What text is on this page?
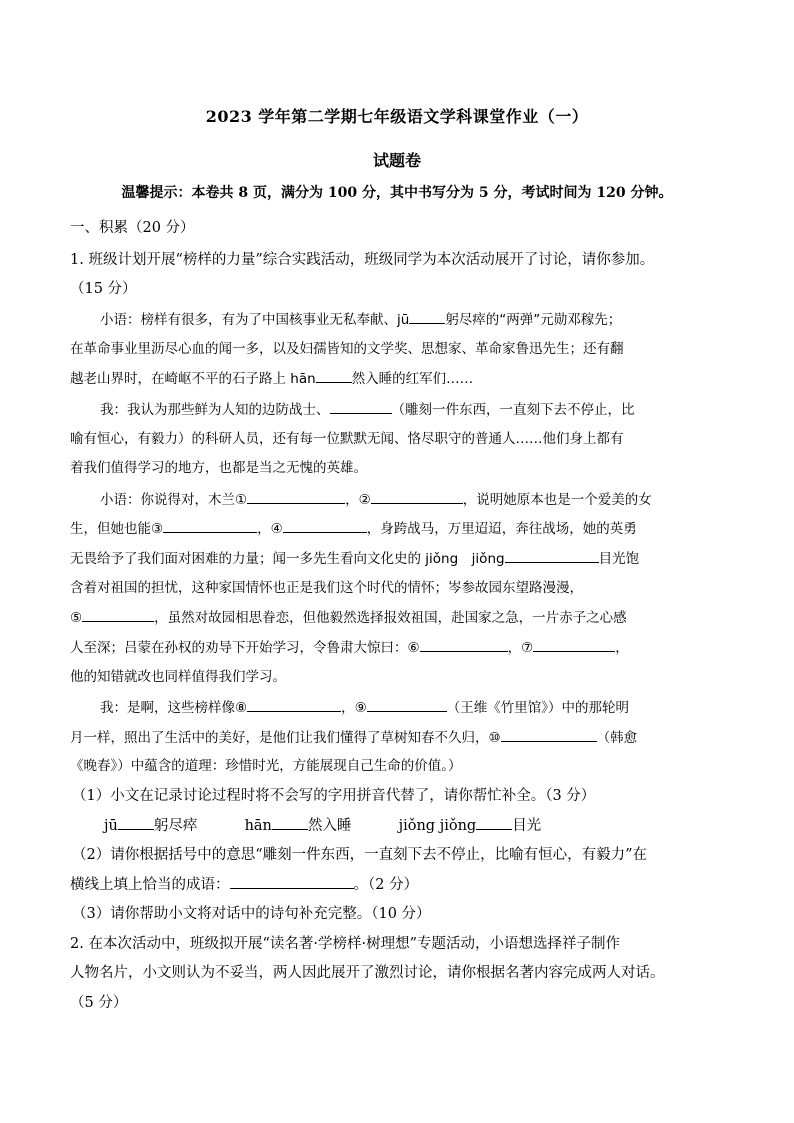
2023 学年第二学期七年级语文学科课堂作业（一）
试题卷
温馨提示：本卷共 8 页，满分为 100 分，其中书写分为 5 分，考试时间为 120 分钟。
一、积累（20 分）
1. 班级计划开展“榜样的力量”综合实践活动，班级同学为本次活动展开了讨论，请你参加。
（15 分）
小语：榜样有很多，有为了中国核事业无私奉献、jū	躬尽瘁的“两弹”元勋邓稼先；
在革命事业里沥尽心血的闻一多，以及妇孺皆知的文学奖、思想家、革命家鲁迅先生；还有翻
越老山界时，在崎岖不平的石子路上 hān	然入睡的红军们……
我：我认为那些鲜为人知的边防战士、	（雕刻一件东西，一直刻下去不停止，比
喻有恒心，有毅力）的科研人员，还有每一位默默无闻、恪尽职守的普通人……他们身上都有
着我们值得学习的地方，也都是当之无愧的英雄。
小语：你说得对，木兰①	，②	，说明她原本也是一个爱美的女
生，但她也能③	，④	，身跨战马，万里迢迢，奔往战场，她的英勇
无畏给予了我们面对困难的力量；闻一多先生看向文化史的 jiǒng　jiǒng	目光饱
含着对祖国的担忧，这种家国情怀也正是我们这个时代的情怀；岑参故园东望路漫漫，
⑤	，虽然对故园相思眷恋，但他毅然选择报效祖国，赴国家之急，一片赤子之心感
人至深；吕蒙在孙权的劝导下开始学习，令鲁肃大惊曰：⑥	，⑦	，
他的知错就改也同样值得我们学习。
我：是啊，这些榜样像⑧	，⑨	（王维《竹里馆》）中的那轮明
月一样，照出了生活中的美好，是他们让我们懂得了草树知春不久归，⑩	（韩愈
《晚春》）中蕴含的道理：珍惜时光，方能展现自己生命的价值。）
（1）小文在记录讨论过程时将不会写的字用拼音代替了，请你帮忙补全。（3 分）
jū 躬尽瘁	hān 然入睡	jiǒng jiǒng 目光
（2）请你根据括号中的意思“雕刻一件东西，一直刻下去不停止，比喻有恒心，有毅力”在
横线上填上恰当的成语：	。（2 分）
（3）请你帮助小文将对话中的诗句补充完整。（10 分）
2. 在本次活动中，班级拟开展“读名著·学榜样·树理想”专题活动，小语想选择祥子制作
人物名片，小文则认为不妥当，两人因此展开了激烈讨论，请你根据名著内容完成两人对话。
（5 分）
